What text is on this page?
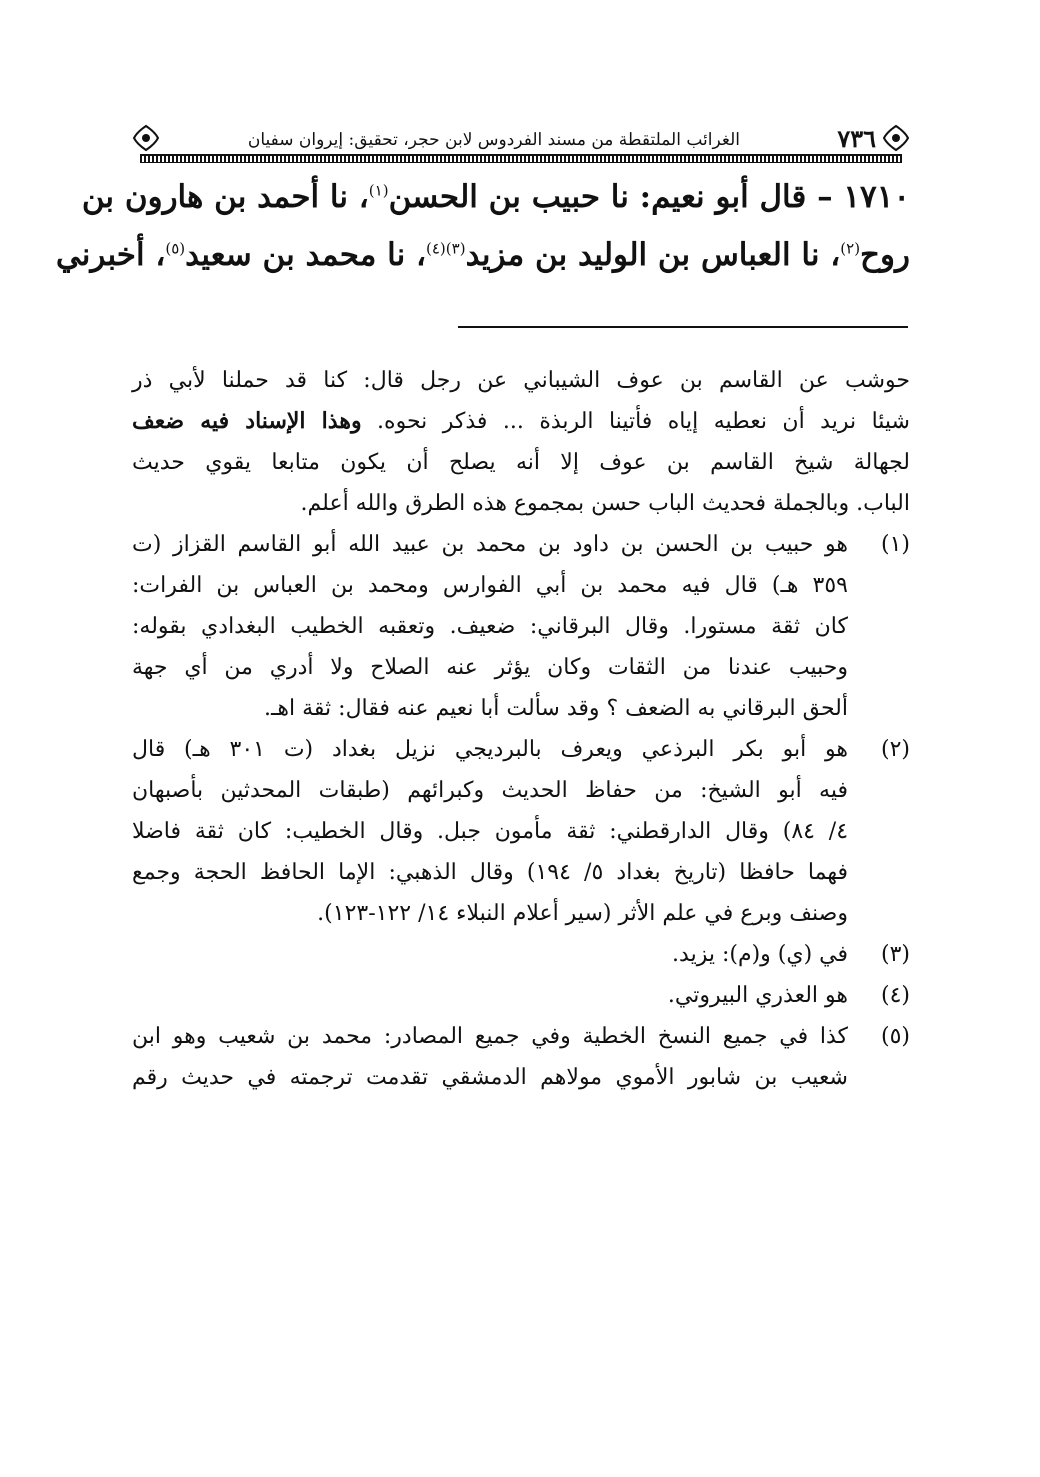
٧٣٦
الغرائب الملتقطة من مسند الفردوس لابن حجر، تحقيق: إيروان سفيان
١٧١٠ – قال أبو نعيم: نا حبيب بن الحسن$^{(١)}$، نا أحمد بن هارون بن
روح$^{(٢)}$، نا العباس بن الوليد بن مزيد$^{(٣)(٤)}$، نا محمد بن سعيد$^{(٥)}$، أخبرني
حوشب عن القاسم بن عوف الشيباني عن رجل قال: كنا قد حملنا لأبي ذر
شيئا نريد أن نعطيه إياه فأتينا الربذة ... فذكر نحوه. وهذا الإسناد فيه ضعف
لجهالة شيخ القاسم بن عوف إلا أنه يصلح أن يكون متابعا يقوي حديث
الباب. وبالجملة فحديث الباب حسن بمجموع هذه الطرق والله أعلم.
(١)
هو حبيب بن الحسن بن داود بن محمد بن عبيد الله أبو القاسم القزاز (ت
٣٥٩ هـ) قال فيه محمد بن أبي الفوارس ومحمد بن العباس بن الفرات:
كان ثقة مستورا. وقال البرقاني: ضعيف. وتعقبه الخطيب البغدادي بقوله:
وحبيب عندنا من الثقات وكان يؤثر عنه الصلاح ولا أدري من أي جهة
ألحق البرقاني به الضعف ؟ وقد سألت أبا نعيم عنه فقال: ثقة اهـ.
(٢)
هو أبو بكر البرذعي ويعرف بالبرديجي نزيل بغداد (ت ٣٠١ هـ) قال
فيه أبو الشيخ: من حفاظ الحديث وكبرائهم (طبقات المحدثين بأصبهان
٤/ ٨٤) وقال الدارقطني: ثقة مأمون جبل. وقال الخطيب: كان ثقة فاضلا
فهما حافظا (تاريخ بغداد ٥/ ١٩٤) وقال الذهبي: الإما الحافظ الحجة وجمع
وصنف وبرع في علم الأثر (سير أعلام النبلاء ١٤/ ١٢٢-١٢٣).
(٣)
في (ي) و(م): يزيد.
(٤)
هو العذري البيروتي.
(٥)
كذا في جميع النسخ الخطية وفي جميع المصادر: محمد بن شعيب وهو ابن
شعيب بن شابور الأموي مولاهم الدمشقي تقدمت ترجمته في حديث رقم
